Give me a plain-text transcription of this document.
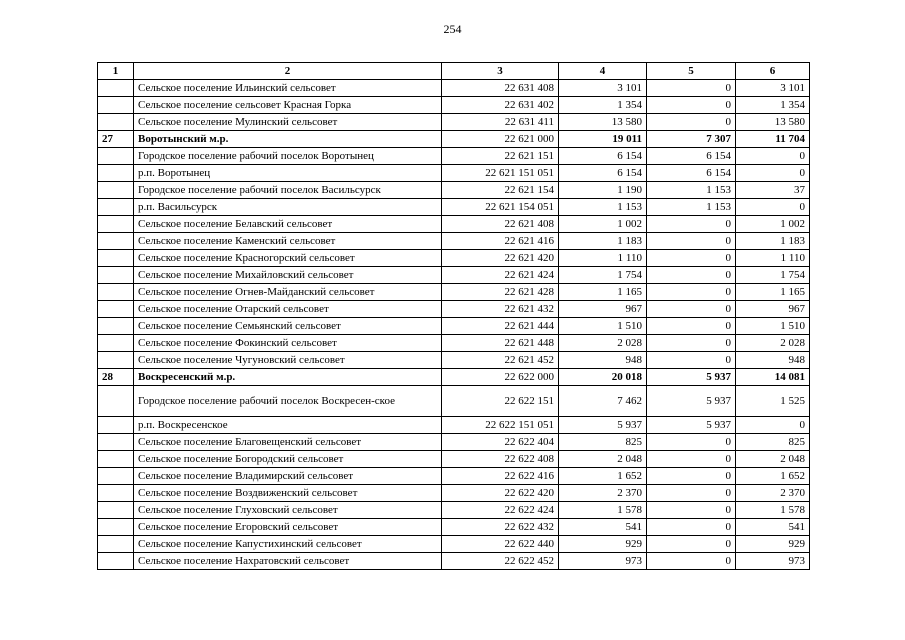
254
1	2	3	4	5	6
	Сельское поселение Ильинский сельсовет	22 631 408	3 101	0	3 101
	Сельское поселение сельсовет Красная Горка	22 631 402	1 354	0	1 354
	Сельское поселение Мулинский сельсовет	22 631 411	13 580	0	13 580
27	Воротынский м.р.	22 621 000	19 011	7 307	11 704
	Городское поселение рабочий поселок Воротынец	22 621 151	6 154	6 154	0
	р.п. Воротынец	22 621 151 051	6 154	6 154	0
	Городское поселение рабочий поселок Васильсурск	22 621 154	1 190	1 153	37
	р.п. Васильсурск	22 621 154 051	1 153	1 153	0
	Сельское поселение Белавский сельсовет	22 621 408	1 002	0	1 002
	Сельское поселение Каменский сельсовет	22 621 416	1 183	0	1 183
	Сельское поселение Красногорский сельсовет	22 621 420	1 110	0	1 110
	Сельское поселение Михайловский сельсовет	22 621 424	1 754	0	1 754
	Сельское поселение Огнев-Майданский сельсовет	22 621 428	1 165	0	1 165
	Сельское поселение Отарский сельсовет	22 621 432	967	0	967
	Сельское поселение Семьянский сельсовет	22 621 444	1 510	0	1 510
	Сельское поселение Фокинский сельсовет	22 621 448	2 028	0	2 028
	Сельское поселение Чугуновский сельсовет	22 621 452	948	0	948
28	Воскресенский м.р.	22 622 000	20 018	5 937	14 081
	Городское поселение рабочий поселок Воскресен-ское	22 622 151	7 462	5 937	1 525
	р.п. Воскресенское	22 622 151 051	5 937	5 937	0
	Сельское поселение Благовещенский сельсовет	22 622 404	825	0	825
	Сельское поселение Богородский сельсовет	22 622 408	2 048	0	2 048
	Сельское поселение Владимирский сельсовет	22 622 416	1 652	0	1 652
	Сельское поселение Воздвиженский сельсовет	22 622 420	2 370	0	2 370
	Сельское поселение Глуховский сельсовет	22 622 424	1 578	0	1 578
	Сельское поселение Егоровский сельсовет	22 622 432	541	0	541
	Сельское поселение Капустихинский сельсовет	22 622 440	929	0	929
	Сельское поселение Нахратовский сельсовет	22 622 452	973	0	973
